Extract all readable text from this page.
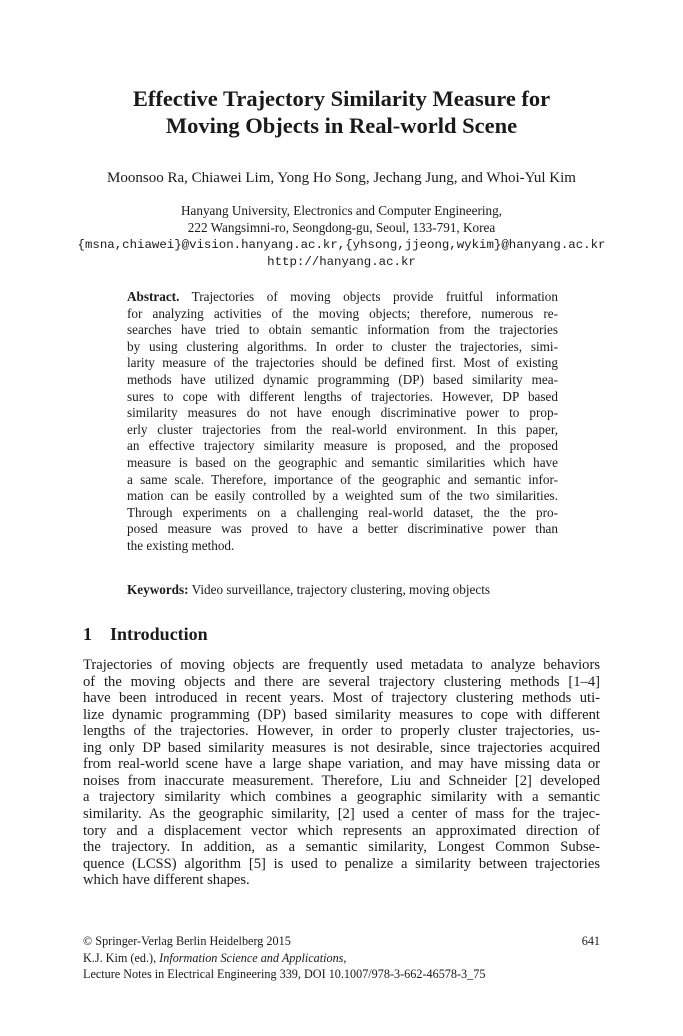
Effective Trajectory Similarity Measure for
Moving Objects in Real-world Scene
Moonsoo Ra, Chiawei Lim, Yong Ho Song, Jechang Jung, and Whoi-Yul Kim
Hanyang University, Electronics and Computer Engineering,
222 Wangsimni-ro, Seongdong-gu, Seoul, 133-791, Korea
{msna,chiawei}@vision.hanyang.ac.kr,{yhsong,jjeong,wykim}@hanyang.ac.kr
http://hanyang.ac.kr
Abstract. Trajectories of moving objects provide fruitful information
for analyzing activities of the moving objects; therefore, numerous re-
searches have tried to obtain semantic information from the trajectories
by using clustering algorithms. In order to cluster the trajectories, simi-
larity measure of the trajectories should be defined first. Most of existing
methods have utilized dynamic programming (DP) based similarity mea-
sures to cope with different lengths of trajectories. However, DP based
similarity measures do not have enough discriminative power to prop-
erly cluster trajectories from the real-world environment. In this paper,
an effective trajectory similarity measure is proposed, and the proposed
measure is based on the geographic and semantic similarities which have
a same scale. Therefore, importance of the geographic and semantic infor-
mation can be easily controlled by a weighted sum of the two similarities.
Through experiments on a challenging real-world dataset, the the pro-
posed measure was proved to have a better discriminative power than
the existing method.
Keywords: Video surveillance, trajectory clustering, moving objects
1 Introduction
Trajectories of moving objects are frequently used metadata to analyze behaviors
of the moving objects and there are several trajectory clustering methods [1–4]
have been introduced in recent years. Most of trajectory clustering methods uti-
lize dynamic programming (DP) based similarity measures to cope with different
lengths of the trajectories. However, in order to properly cluster trajectories, us-
ing only DP based similarity measures is not desirable, since trajectories acquired
from real-world scene have a large shape variation, and may have missing data or
noises from inaccurate measurement. Therefore, Liu and Schneider [2] developed
a trajectory similarity which combines a geographic similarity with a semantic
similarity. As the geographic similarity, [2] used a center of mass for the trajec-
tory and a displacement vector which represents an approximated direction of
the trajectory. In addition, as a semantic similarity, Longest Common Subse-
quence (LCSS) algorithm [5] is used to penalize a similarity between trajectories
which have different shapes.
© Springer-Verlag Berlin Heidelberg 2015	641
K.J. Kim (ed.), Information Science and Applications,
Lecture Notes in Electrical Engineering 339, DOI 10.1007/978-3-662-46578-3_75
